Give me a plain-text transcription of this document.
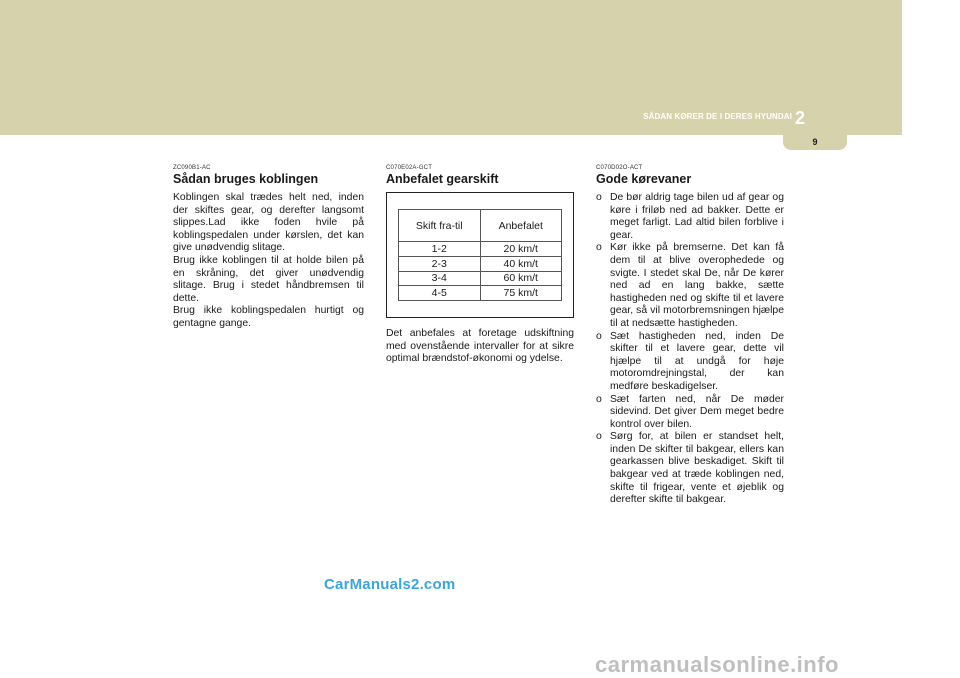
SÅDAN KØRER DE I DERES HYUNDAI 2
9
ZC090B1-AC
Sådan bruges koblingen

Koblingen skal trædes helt ned, inden der skiftes gear, og derefter langsomt slippes.Lad ikke foden hvile på koblingspedalen under kørslen, det kan give unødvendig slitage.
Brug ikke koblingen til at holde bilen på en skråning, det giver unødvendig slitage. Brug i stedet håndbremsen til dette.
Brug ikke koblingspedalen hurtigt og gentagne gange.

C070E02A-GCT
Anbefalet gearskift
Skift fra-til
1-2
2-3
3-4
4-5
Anbefalet
20 km/t
40 km/t
60 km/t
75 km/t

Det anbefales at foretage udskiftning med ovenstående intervaller for at sikre optimal brændstof-økonomi og ydelse.

C070D02O-ACT
Gode kørevaner
o De bør aldrig tage bilen ud af gear og køre i friløb ned ad bakker. Dette er meget farligt. Lad altid bilen forblive i gear.
o Kør ikke på bremserne. Det kan få dem til at blive overophedede og svigte. I stedet skal De, når De kører ned ad en lang bakke, sætte hastigheden ned og skifte til et lavere gear, så vil motorbremsningen hjælpe til at nedsætte hastigheden.
o Sæt hastigheden ned, inden De skifter til et lavere gear, dette vil hjælpe til at undgå for høje motoromdrejningstal, der kan medføre beskadigelser.
o Sæt farten ned, når De møder sidevind. Det giver Dem meget bedre kontrol over bilen.
o Sørg for, at bilen er standset helt, inden De skifter til bakgear, ellers kan gearkassen blive beskadiget. Skift til bakgear ved at træde koblingen ned, skifte til frigear, vente et øjeblik og derefter skifte til bakgear.
CarManuals2.com
carmanualsonline.info
